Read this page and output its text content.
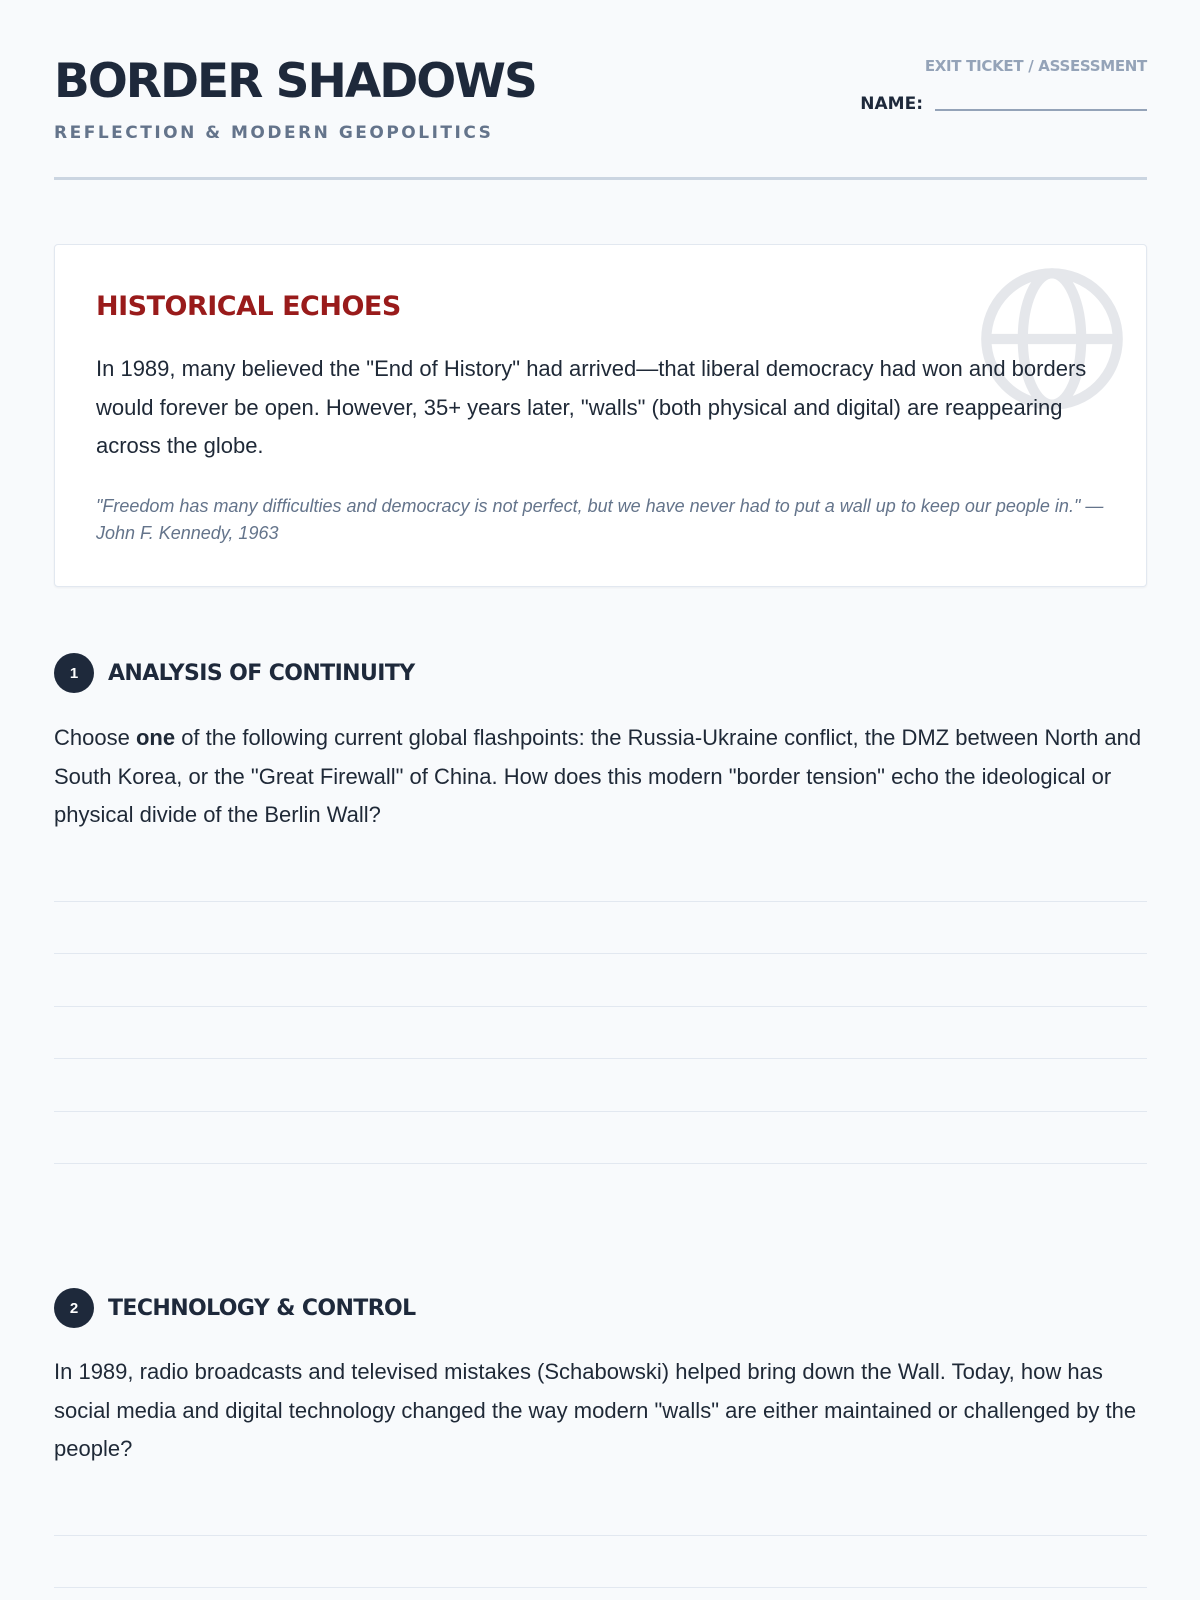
BORDER SHADOWS
REFLECTION & MODERN GEOPOLITICS
EXIT TICKET / ASSESSMENT
NAME:
HISTORICAL ECHOES

In 1989, many believed the "End of History" had arrived—that liberal democracy had won and borders would forever be open. However, 35+ years later, "walls" (both physical and digital) are reappearing across the globe.

"Freedom has many difficulties and democracy is not perfect, but we have never had to put a wall up to keep our people in." — John F. Kennedy, 1963

1	ANALYSIS OF CONTINUITY

Choose one of the following current global flashpoints: the Russia-Ukraine conflict, the DMZ between North and South Korea, or the "Great Firewall" of China. How does this modern "border tension" echo the ideological or physical divide of the Berlin Wall?

2	TECHNOLOGY & CONTROL

In 1989, radio broadcasts and televised mistakes (Schabowski) helped bring down the Wall. Today, how has social media and digital technology changed the way modern "walls" are either maintained or challenged by the people?
